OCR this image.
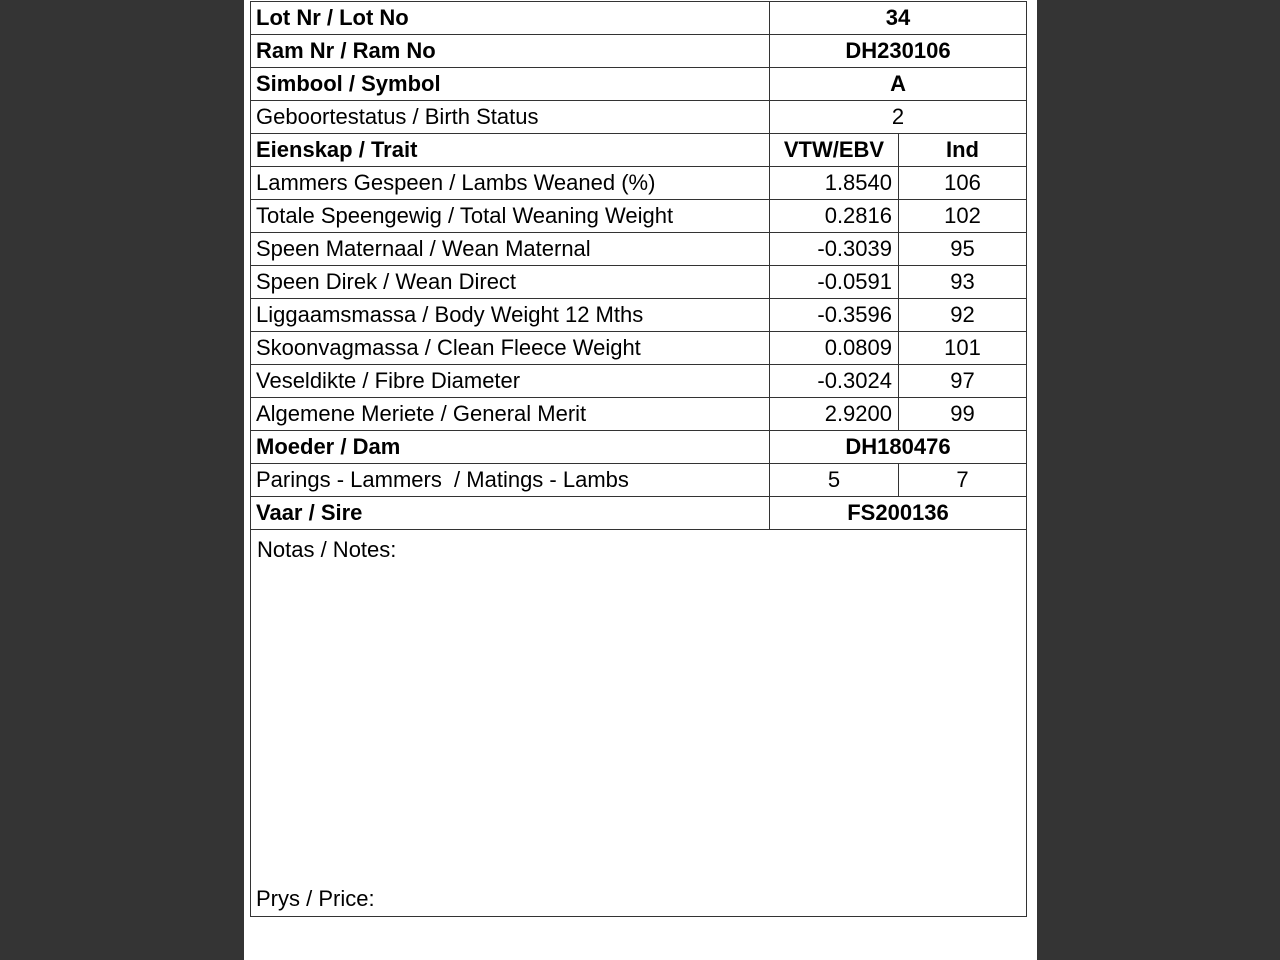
Lot Nr / Lot No	34	
Ram Nr / Ram No	DH230106	
Simbool / Symbol	A	
Geboortestatus / Birth Status	2	
Eienskap / Trait	VTW/EBV	Ind
Lammers Gespeen / Lambs Weaned (%)	1.8540	106
Totale Speengewig / Total Weaning Weight	0.2816	102
Speen Maternaal / Wean Maternal	-0.3039	95
Speen Direk / Wean Direct	-0.0591	93
Liggaamsmassa / Body Weight 12 Mths	-0.3596	92
Skoonvagmassa / Clean Fleece Weight	0.0809	101
Veseldikte / Fibre Diameter	-0.3024	97
Algemene Meriete / General Merit	2.9200	99
Moeder / Dam	DH180476	
Parings - Lammers  / Matings - Lambs	5	7
Vaar / Sire	FS200136	

Notas / Notes:
Prys / Price:		
